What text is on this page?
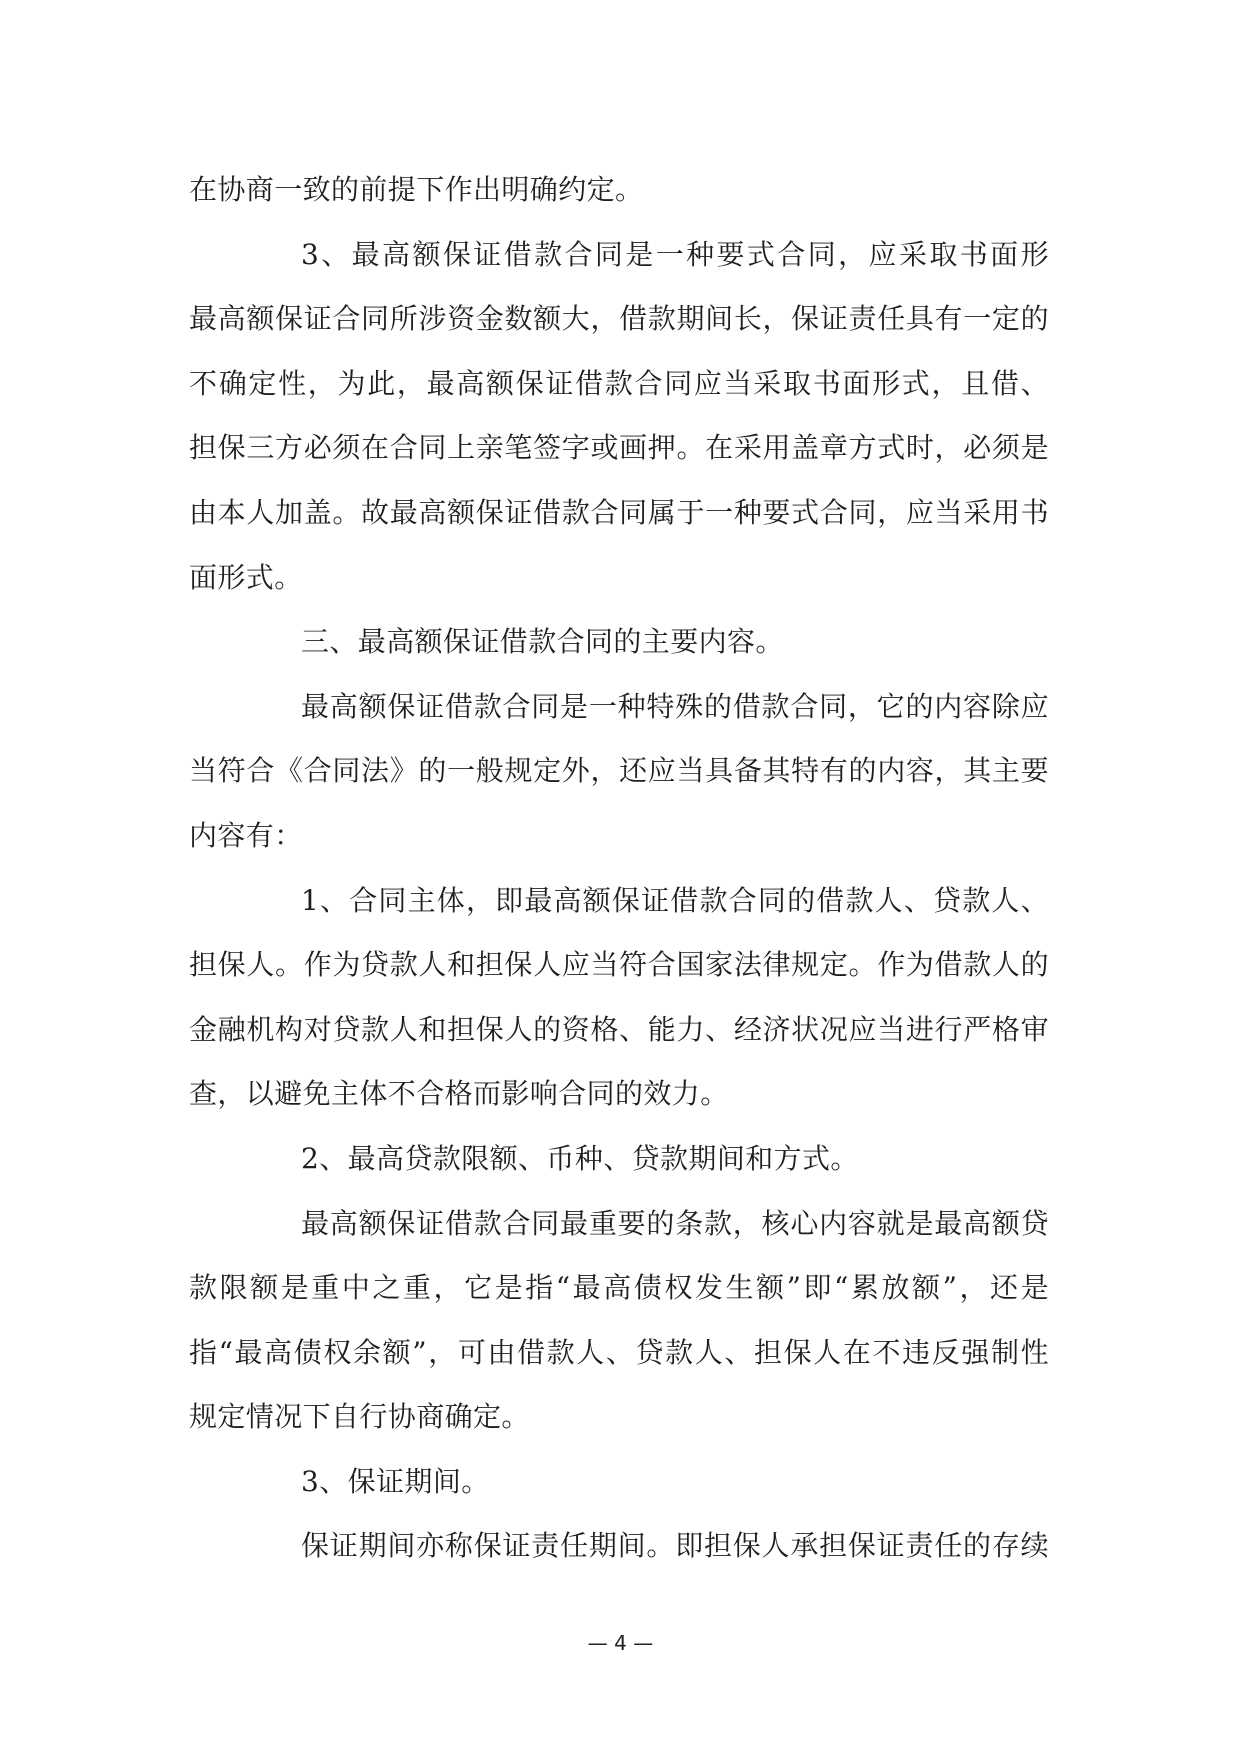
在协商一致的前提下作出明确约定。
3、最高额保证借款合同是一种要式合同，应采取书面形
最高额保证合同所涉资金数额大，借款期间长，保证责任具有一定的
不确定性，为此，最高额保证借款合同应当采取书面形式，且借、
担保三方必须在合同上亲笔签字或画押。在采用盖章方式时，必须是
由本人加盖。故最高额保证借款合同属于一种要式合同，应当采用书
面形式。
三、最高额保证借款合同的主要内容。
最高额保证借款合同是一种特殊的借款合同，它的内容除应
当符合《合同法》的一般规定外，还应当具备其特有的内容，其主要
内容有：
1、合同主体，即最高额保证借款合同的借款人、贷款人、
担保人。作为贷款人和担保人应当符合国家法律规定。作为借款人的
金融机构对贷款人和担保人的资格、能力、经济状况应当进行严格审
查，以避免主体不合格而影响合同的效力。
2、最高贷款限额、币种、贷款期间和方式。
最高额保证借款合同最重要的条款，核心内容就是最高额贷
款限额是重中之重，它是指“最高债权发生额”即“累放额”，还是
指“最高债权余额”，可由借款人、贷款人、担保人在不违反强制性
规定情况下自行协商确定。
3、保证期间。
保证期间亦称保证责任期间。即担保人承担保证责任的存续
— 4 —
